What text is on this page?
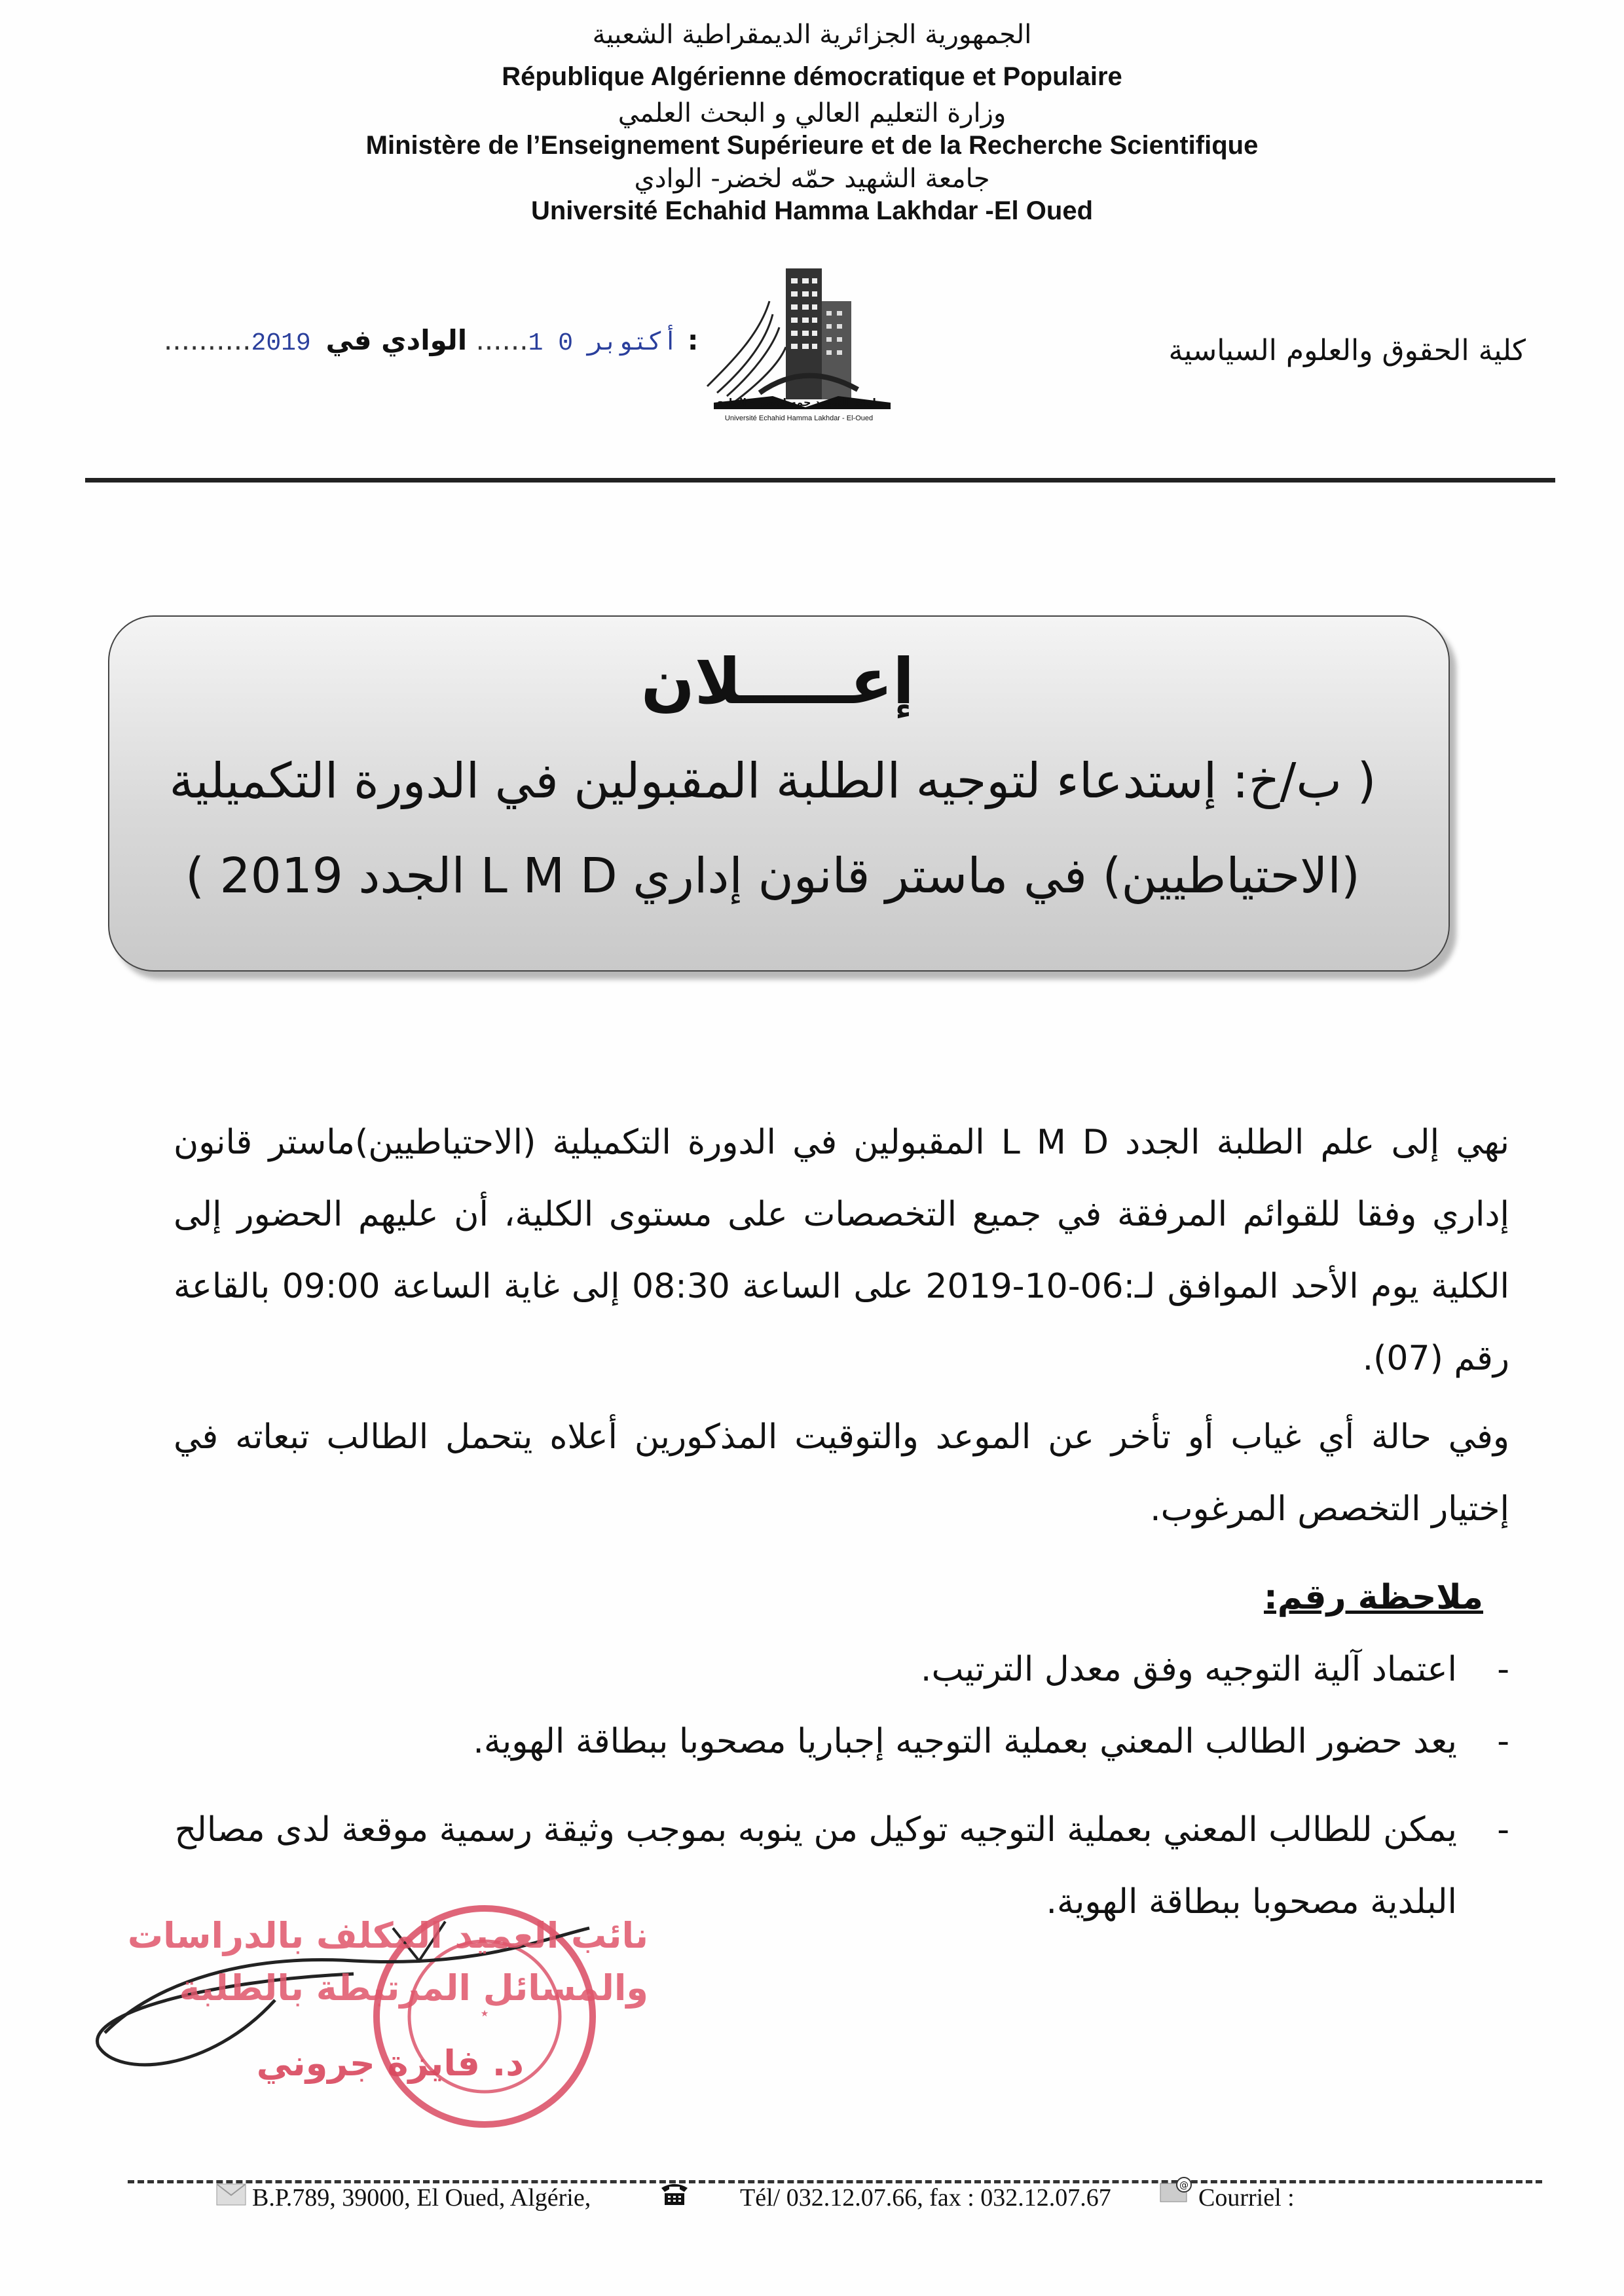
الجمهورية الجزائرية الديمقراطية الشعبية
République Algérienne démocratique et Populaire
وزارة التعليم العالي و البحث العلمي
Ministère de l’Enseignement Supérieure et de la Recherche Scientifique
جامعة الشهيد حمّه لخضر- الوادي
Université Echahid Hamma Lakhdar -El Oued
كلية الحقوق والعلوم السياسية
..........2019 أكتوبر 0 1...... الوادي في :
جامعة الشهيد حمه لخضر - الوادي
Université Echahid Hamma Lakhdar - El-Oued
إعـــــلان
( ب/خ: إستدعاء لتوجيه الطلبة المقبولين في الدورة التكميلية
(الاحتياطيين) في ماستر قانون إداري L M D الجدد 2019 )
نهي إلى علم الطلبة الجدد L M D المقبولين في الدورة التكميلية (الاحتياطيين)ماستر قانون إداري وفقا للقوائم المرفقة في جميع التخصصات على مستوى الكلية، أن عليهم الحضور إلى الكلية يوم الأحد الموافق لـ:06-10-2019 على الساعة 08:30 إلى غاية الساعة 09:00 بالقاعة رقم (07).
وفي حالة أي غياب أو تأخر عن الموعد والتوقيت المذكورين أعلاه يتحمل الطالب تبعاته في إختيار التخصص المرغوب.
ملاحظة رقم:
-
اعتماد آلية التوجيه وفق معدل الترتيب.
-
يعد حضور الطالب المعني بعملية التوجيه إجباريا مصحوبا ببطاقة الهوية.
-
يمكن للطالب المعني بعملية التوجيه توكيل من ينوبه بموجب وثيقة رسمية موقعة لدى مصالح البلدية مصحوبا ببطاقة الهوية.
★
نائب العميد المكلف بالدراسات
والمسائل المرتبطة بالطلبة
د. فايزة جروني
B.P.789, 39000, El Oued, Algérie,	Tél/ 032.12.07.66, fax : 032.12.07.67	@ Courriel :
